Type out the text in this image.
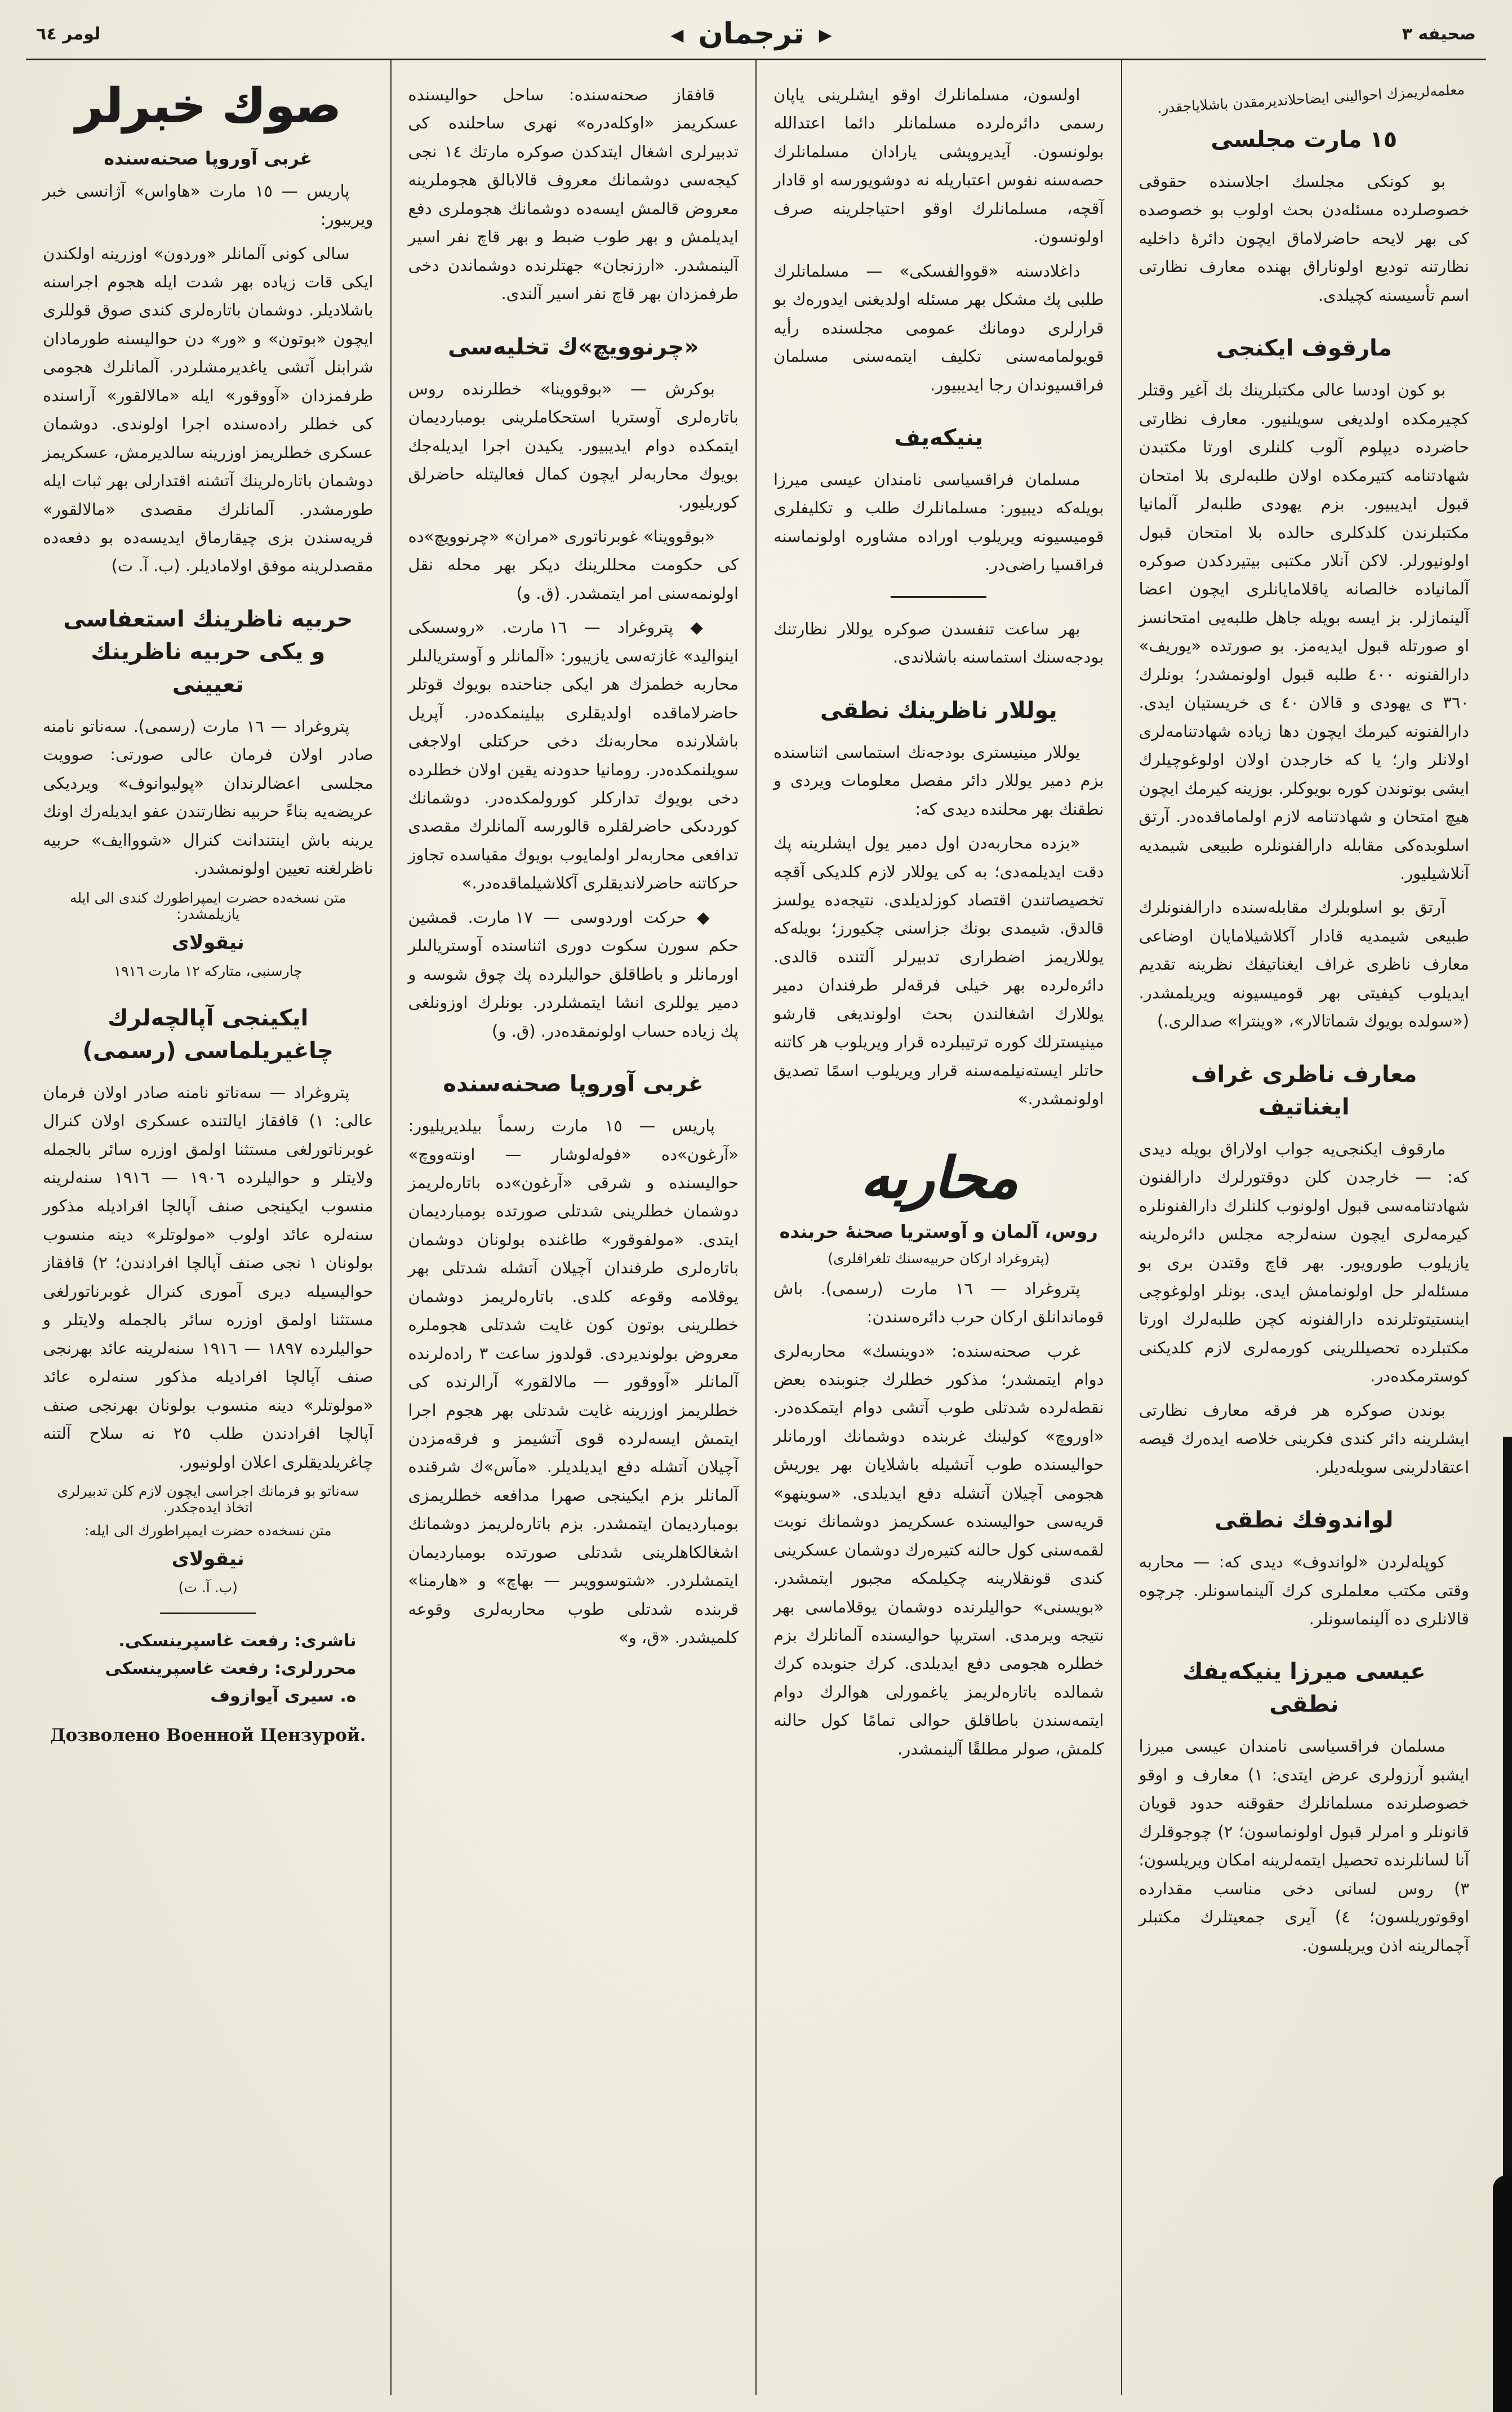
صحيفه ٣
▶
ترجمان
◀
لومر ٦٤
معلمه‌لريمزك احوالينى ايضاحلانديرمقدن باشلاياجقدر.
١٥ مارت مجلسى
بو كونكى مجلسك اجلاسنده حقوقى خصوصلرده مسئله‌دن بحث اولوب بو خصوصده كى بهر لايحه حاضرلاماق ايچون دائرهٔ داخليه نظارتنه توديع اولوناراق بهنده معارف نظارتى اسم تأسيسنه كچيلدى.
مارقوف ايكنجى
بو كون اودسا عالى مكتبلرينك بك آغير وقتلر كچيرمكده اولديغى سويلنيور. معارف نظارتى حاضرده ديپلوم آلوب كلنلرى اورتا مكتبدن شهادتنامه كتيرمكده اولان طلبه‌لرى بلا امتحان قبول ايديبيور. بزم يهودى طلبه‌لر آلمانيا مكتبلرندن كلدكلرى حالده بلا امتحان قبول اولونيورلر. لاكن آنلار مكتبى بيتيردكدن صوكره آلمانياده خالصانه ياقلامايانلرى ايچون اعضا آلينمازلر. بز ايسه بويله جاهل طلبه‌يى امتحانسز او صورتله قبول ايديه‌مز. بو صورتده «يوريف» دارالفنونه ٤٠٠ طلبه قبول اولونمشدر؛ بونلرك ٣٦٠ ى يهودى و قالان ٤٠ ى خريستيان ايدى. دارالفنونه كيرمك ايچون دها زياده شهادتنامه‌لرى اولانلر وار؛ يا كه خارجدن اولان اولوغوچيلرك ايشى بوتوندن كوره بويوكلر. بوزينه كيرمك ايچون هيچ امتحان و شهادتنامه لازم اولماماقده‌در. آرتق اسلوبده‌كى مقابله دارالفنونلره طبيعى شيمديه آنلاشيليور.
آرتق بو اسلوبلرك مقابله‌سنده دارالفنونلرك طبيعى شيمديه قادار آكلاشيلامايان اوضاعى معارف ناظرى غراف ايغناتيفك نظرينه تقديم ايديلوب كيفيتى بهر قوميسيونه ويريلمشدر. («سولده بويوك شماتالار»، «وينترا» صدالرى.)
معارف ناظرى غراف ايغناتيف
مارقوف ايكنجى‌يه جواب اولاراق بويله ديدى كه: — خارجدن كلن دوقتورلرك دارالفنون شهادتنامه‌سى قبول اولونوب كلنلرك دارالفنونلره كيرمه‌لرى ايچون سنه‌لرجه مجلس دائره‌لرينه يازيلوب طورويور. بهر قاچ وقتدن برى بو مسئله‌لر حل اولونمامش ايدى. بونلر اولوغوچى اينستيتوتلرنده دارالفنونه كچن طلبه‌لرك اورتا مكتبلرده تحصيللرينى كورمه‌لرى لازم كلديكنى كوسترمكده‌در.
بوندن صوكره هر فرقه معارف نظارتى ايشلرينه دائر كندى فكرينى خلاصه ايده‌رك قيصه اعتقادلرينى سويله‌ديلر.
لواندوفك نطقى
كوپله‌لردن «لواندوف» ديدى كه: — محاربه وقتى مكتب معلملرى كرك آلينماسونلر. چرچوه قالانلرى ده آلينماسونلر.
عيسى ميرزا ينيكه‌يفك نطقى
مسلمان فراقسياسى نامندان عيسى ميرزا ايشبو آرزولرى عرض ايتدى: ١) معارف و اوقو خصوصلرنده مسلمانلرك حقوقنه حدود قويان قانونلر و امرلر قبول اولونماسون؛ ٢) چوجوقلرك آنا لسانلرنده تحصيل ايتمه‌لرينه امكان ويريلسون؛ ٣) روس لسانى دخى مناسب مقدارده اوقوتوريلسون؛ ٤) آيرى جمعيتلرك مكتبلر آچمالرينه اذن ويريلسون.
اولسون، مسلمانلرك اوقو ايشلرينى ياپان رسمى دائره‌لرده مسلمانلر دائما اعتدالله بولونسون. آيديروپشى يارادان مسلمانلرك حصه‌سنه نفوس اعتباريله نه دوشويورسه او قادار آقچه، مسلمانلرك اوقو احتياجلرينه صرف اولونسون.
داغلادسنه «قووالفسكى» — مسلمانلرك طلبى پك مشكل بهر مسئله اولديغنى ايدوره‌ك بو قرارلرى دومانك عمومى مجلسنده رأيه قويولمامه‌سنى تكليف ايتمه‌سنى مسلمان فراقسيوندان رجا ايديبيور.
ينيكه‌يف
مسلمان فراقسياسى نامندان عيسى ميرزا بويله‌كه ديبيور: مسلمانلرك طلب و تكليفلرى قوميسيونه ويريلوب اوراده مشاوره اولونماسنه فراقسيا راضى‌در.
بهر ساعت تنفسدن صوكره يوللار نظارتنك بودجه‌سنك استماسنه باشلاندى.
يوللار ناظرينك نطقى
يوللار مينيسترى بودجه‌نك استماسى اثناسنده بزم دمير يوللار دائر مفصل معلومات ويردى و نطقنك بهر محلنده ديدى كه:
«بزده محاربه‌دن اول دمير يول ايشلرينه پك دقت ايديلمه‌دى؛ به كى يوللار لازم كلديكى آقچه تخصيصاتندن اقتصاد كوزلديلدى. نتيجه‌ده يولسز قالدق. شيمدى بونك جزاسنى چكيورز؛ بويله‌كه يوللاريمز اضطرارى تدبيرلر آلتنده قالدى. دائره‌لرده بهر خيلى فرقه‌لر طرفندان دمير يوللارك اشغالندن بحث اولونديغى قارشو مينيسترلك كوره ترتيبلرده قرار ويريلوب هر كاتنه حاتلر ايسته‌نيلمه‌سنه قرار ويريلوب اسمًا تصديق اولونمشدر.»
محاربه
روس، آلمان و آوستريا صحنهٔ حربنده
(پتروغراد اركان حربيه‌سنك تلغرافلرى)
پتروغراد — ١٦ مارت (رسمى). باش قوماندانلق اركان حرب دائره‌سندن:
غرب صحنه‌سنده: «دوينسك» محاربه‌لرى دوام ايتمشدر؛ مذكور خطلرك جنوبنده بعض نقطه‌لرده شدتلى طوب آتشى دوام ايتمكده‌در. «اوروچ» كولينك غربنده دوشمانك اورمانلر حوالیسنده طوب آتشيله باشلايان بهر يوريش هجومى آچيلان آتشله دفع ايديلدى. «سوينهو» قريه‌سى حوالیسنده عسكريمز دوشمانك نوبت لقمه‌سنى كول حالنه كتيره‌رك دوشمان عسكرينى كندى قونقلارينه چكيلمكه مجبور ايتمشدر. «بويسنى» حواليلرنده دوشمان يوقلاماسى بهر نتيجه ويرمدى. استريپا حواليسنده آلمانلرك بزم خطلره هجومى دفع ايديلدى. كرك جنوبده كرك شمالده باتاره‌لريمز ياغمورلى هوالرك دوام ايتمه‌سندن باطاقلق حوالى تمامًا كول حالنه كلمش، صولر مطلقًا آلينمشدر.
قافقاز صحنه‌سنده: ساحل حوالیسنده عسكريمز «اوكله‌دره» نهرى ساحلنده كى تدبيرلرى اشغال ايتدكدن صوكره مارتك ١٤ نجى كيجه‌سى دوشمانك معروف قالابالق هجوملرينه معروض قالمش ايسه‌ده دوشمانك هجوملرى دفع ايديلمش و بهر طوب ضبط و بهر قاچ نفر اسير آلينمشدر. «ارزنجان» جهتلرنده دوشماندن دخى طرفمزدان بهر قاچ نفر اسير آلندى.
«چرنوويچ»ك تخليه‌سى
بوكرش — «بوقووينا» خطلرنده روس باتاره‌لرى آوستريا استحكاملرينى بومبارديمان ايتمكده دوام ايديبيور. يكيدن اجرا ايديله‌جك بويوك محاربه‌لر ايچون كمال فعاليتله حاضرلق كوريليور.
«بوقووينا» غوبرناتورى «مران» «چرنوويچ»ده كى حكومت محللرينك ديكر بهر محله نقل اولونمه‌سنى امر ايتمشدر. (ق. و)
◆ پتروغراد — ١٦ مارت. «روسسكى اينواليد» غازته‌سى يازيبور: «آلمانلر و آوستريالىلر محاربه خطمزك هر ايكى جناحنده بويوك قوتلر حاضرلاماقده اولديقلرى بيلينمكده‌در. آپريل باشلارنده محاربه‌نك دخى حركتلى اولاجغى سويلنمكده‌در. رومانيا حدودنه يقين اولان خطلرده دخى بويوك تداركلر كورولمكده‌در. دوشمانك كوردىكى حاضرلقلره قالورسه آلمانلرك مقصدى تدافعى محاربه‌لر اولمايوب بويوك مقياسده تجاوز حركاتنه حاضرلانديقلرى آكلاشيلماقده‌در.»
◆ حركت اوردوسى — ١٧ مارت. قمشين حكم سورن سكوت دورى اثناسنده آوستريالىلر اورمانلر و باطاقلق حواليلرده پك چوق شوسه و دمير يوللرى انشا ايتمشلردر. بونلرك اوزونلغى پك زياده حساب اولونمقده‌در. (ق. و)
غربى آوروپا صحنه‌سنده
پاريس — ١٥ مارت رسماً بيلديريليور: «آرغون»ده «فوله‌لوشار — اونته‌ووچ» حوالیسنده و شرقى «آرغون»ده باتاره‌لريمز دوشمان خطلرينى شدتلى صورتده بومبارديمان ايتدى. «مولفوقور» طاغنده بولونان دوشمان باتاره‌لرى طرفندان آچيلان آتشله شدتلى بهر يوقلامه وقوعه كلدى. باتاره‌لريمز دوشمان خطلرينى بوتون كون غايت شدتلى هجوملره معروض بولونديردى. قولدوز ساعت ٣ راده‌لرنده آلمانلر «آووقور — مالالقور» آرالرنده كى خطلريمز اوزرينه غايت شدتلى بهر هجوم اجرا ايتمش ايسه‌لرده قوى آتشيمز و فرقه‌مزدن آچيلان آتشله دفع ايديلديلر. «مآس»ك شرقنده آلمانلر بزم ايكينجى صهرا مدافعه خطلريمزى بومبارديمان ايتمشدر. بزم باتاره‌لريمز دوشمانك اشغالكاهلرينى شدتلى صورتده بومبارديمان ايتمشلردر. «شتوسوويىر — بهاچ» و «هارمنا» قربنده شدتلى طوب محاربه‌لرى وقوعه كلميشدر. «ق، و»
صوك خبرلر
غربى آوروپا صحنه‌سنده
پاريس — ١٥ مارت «هاواس» آژانسى خبر ويريبور:
سالى كونى آلمانلر «وردون» اوزرينه اولكندن ايكى قات زياده بهر شدت ايله هجوم اجراسنه باشلاديلر. دوشمان باتاره‌لرى كندى صوق قوللرى ايچون «بوتون» و «ور» دن حوالیسنه طورمادان شرابنل آتشى ياغديرمشلردر. آلمانلرك هجومى طرفمزدان «آووقور» ايله «مالالقور» آراسنده كى خطلر راده‌سنده اجرا اولوندى. دوشمان عسكرى خطلريمز اوزرينه سالديرمش، عسكريمز دوشمان باتاره‌لرينك آتشنه اقتدارلى بهر ثبات ايله طورمشدر. آلمانلرك مقصدى «مالالقور» قريه‌سندن بزى چيقارماق ايديسه‌ده بو دفعه‌ده مقصدلرينه موفق اولاماديلر. (ب. آ. ت)
حربيه ناظرينك استعفاسى و يكى حربيه ناظرينك تعيينى
پتروغراد — ١٦ مارت (رسمى). سه‌ناتو نامنه صادر اولان فرمان عالى صورتى: صوويت مجلسى اعضالرندان «پوليوانوف» ويرديكى عريضه‌يه بناءً حربيه نظارتندن عفو ايديله‌رك اونك يرينه باش اينتندانت كنرال «شوواايف» حربيه ناظرلغنه تعيين اولونمشدر.
متن نسخه‌ده حضرت ايمپراطورك كندى الى ايله يازيلمشدر:
نيقولاى
چارسنبى، متاركه ١٢ مارت ١٩١٦
ايكينجى آپالچه‌لرك چاغيريلماسى (رسمى)
پتروغراد — سه‌ناتو نامنه صادر اولان فرمان عالى: ١) قافقاز ايالتنده عسكرى اولان كنرال غوبرناتورلغى مستثنا اولمق اوزره سائر بالجمله ولايتلر و حواليلرده ١٩٠٦ — ١٩١٦ سنه‌لرينه منسوب ايكينجى صنف آپالچا افراديله مذكور سنه‌لره عائد اولوب «مولوتلر» دينه منسوب بولونان ١ نجى صنف آپالچا افرادندن؛ ٢) قافقاز حوالیسيله ديرى آمورى كنرال غوبرناتورلغى مستثنا اولمق اوزره سائر بالجمله ولايتلر و حواليلرده ١٨٩٧ — ١٩١٦ سنه‌لرينه عائد بهرنجى صنف آپالچا افراديله مذكور سنه‌لره عائد «مولوتلر» دينه منسوب بولونان بهرنجى صنف آپالچا افرادندن طلب ٢٥ نه سلاح آلتنه چاغريلديقلرى اعلان اولونيور.
سه‌ناتو بو فرمانك اجراسى ايچون لازم كلن تدبيرلرى اتخاذ ايده‌جكدر.
متن نسخه‌ده حضرت ايمپراطورك الى ايله:
نيقولاى
(ب. آ. ت)
ناشرى: رفعت غاسپرينسكى.
محررلرى: رفعت غاسپرينسكى
ه. سيرى آيوازوف
Дозволено Военной Цензурой.
